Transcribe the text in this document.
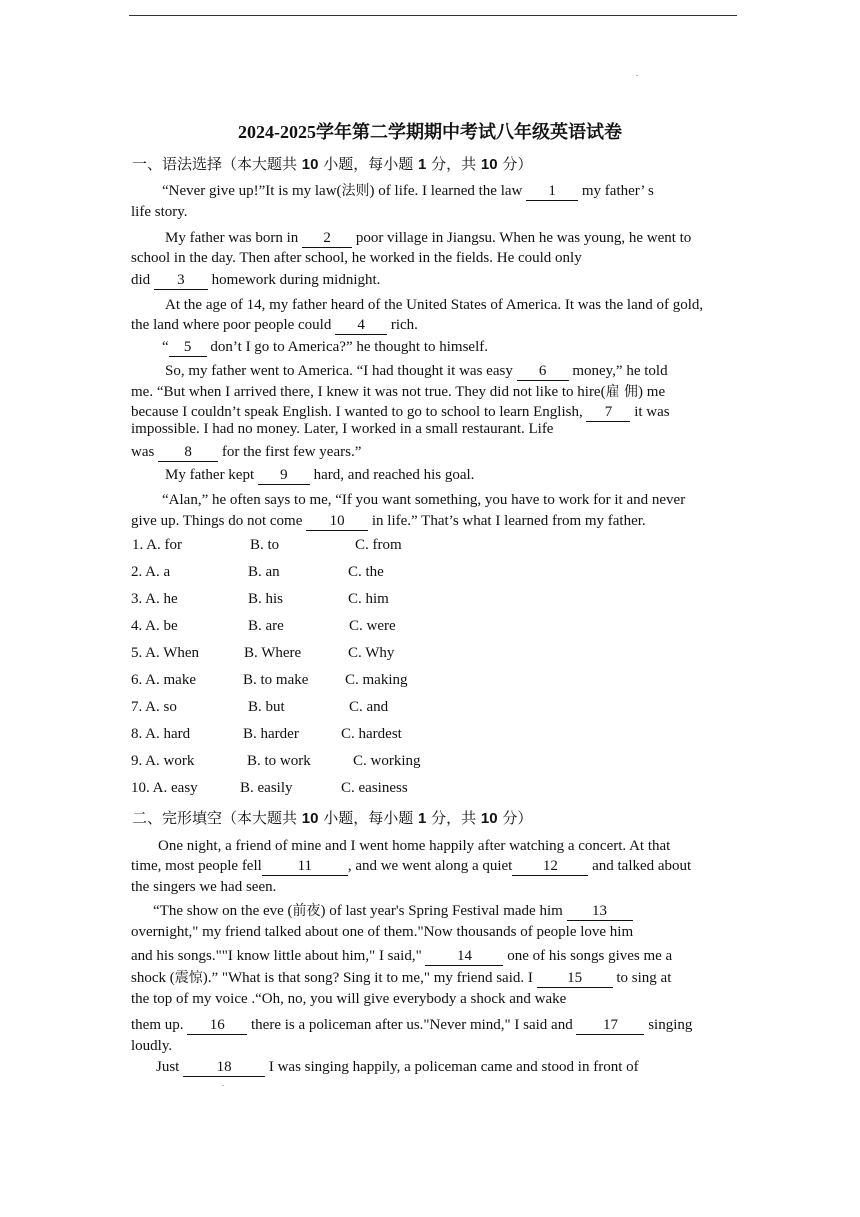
2024-2025学年第二学期期中考试八年级英语试卷
一、语法选择（本大题共 10 小题，每小题 1 分，共 10 分）
“Never give up!”It is my law(法则) of life. I learned the law 1 my father’ s
life story.
My father was born in 2 poor village in Jiangsu. When he was young, he went to
school in the day. Then after school, he worked in the fields. He could only
did 3 homework during midnight.
At the age of 14, my father heard of the United States of America. It was the land of gold,
the land where poor people could 4 rich.
“ 5 don’t I go to America?” he thought to himself.
So, my father went to America. “I had thought it was easy 6 money,” he told
me. “But when I arrived there, I knew it was not true. They did not like to hire(雇 佣) me
because I couldn’t speak English. I wanted to go to school to learn English, 7 it was
impossible. I had no money. Later, I worked in a small restaurant. Life
was 8 for the first few years.”
My father kept 9 hard, and reached his goal.
“Alan,” he often says to me, “If you want something, you have to work for it and never
give up. Things do not come 10 in life.” That’s what I learned from my father.
1. A. for	B. to	C. from
2. A. a	B. an	C. the
3. A. he	B. his	C. him
4. A. be	B. are	C. were
5. A. When	B. Where	C. Why
6. A. make	B. to make C. making
7. A. so	B. but	C. and
8. A. hard	B. harder	C. hardest
9. A. work	B. to work	C. working
10. A. easy	B. easily	C. easiness
二、完形填空（本大题共 10 小题，每小题 1 分，共 10 分）
One night, a friend of mine and I went home happily after watching a concert. At that
time, most people fell 11 , and we went along a quiet 12 and talked about
the singers we had seen.
“The show on the eve (前夜) of last year's Spring Festival made him 13
overnight," my friend talked about one of them."Now thousands of people love him
and his songs.""I know little about him," I said," 14 one of his songs gives me a
shock (震惊).” "What is that song? Sing it to me," my friend said. I 15 to sing at
the top of my voice .“Oh, no, you will give everybody a shock and wake
them up. 16 there is a policeman after us."Never mind," I said and 17 singing
loudly.
Just 18 I was singing happily, a policeman came and stood in front of
